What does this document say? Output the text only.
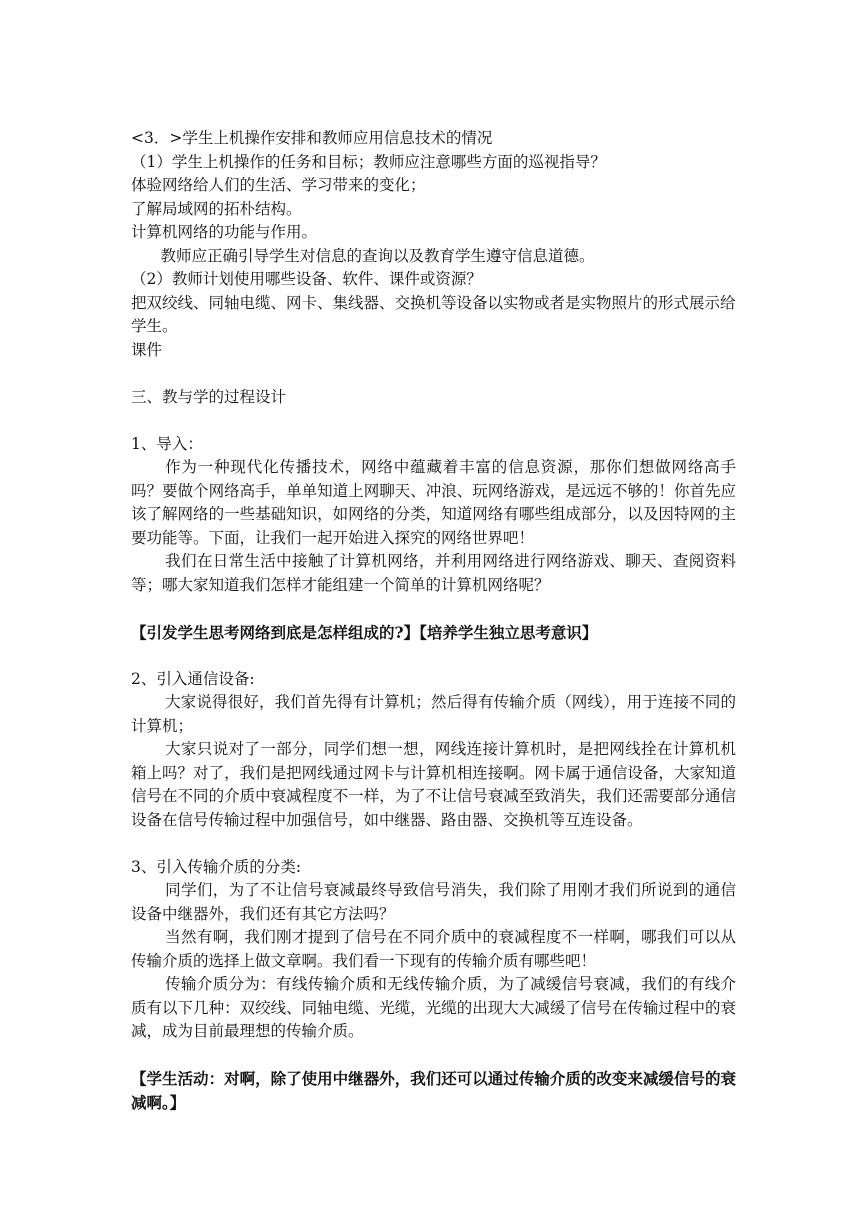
<3．>学生上机操作安排和教师应用信息技术的情况

（1）学生上机操作的任务和目标；教师应注意哪些方面的巡视指导？

体验网络给人们的生活、学习带来的变化；

了解局域网的拓朴结构。

计算机网络的功能与作用。

教师应正确引导学生对信息的查询以及教育学生遵守信息道德。

（2）教师计划使用哪些设备、软件、课件或资源？

把双绞线、同轴电缆、网卡、集线器、交换机等设备以实物或者是实物照片的形式展示给学生。

课件

三、教与学的过程设计

1、导入：

作为一种现代化传播技术，网络中蕴藏着丰富的信息资源，那你们想做网络高手吗？要做个网络高手，单单知道上网聊天、冲浪、玩网络游戏，是远远不够的！你首先应该了解网络的一些基础知识，如网络的分类，知道网络有哪些组成部分，以及因特网的主要功能等。下面，让我们一起开始进入探究的网络世界吧！

我们在日常生活中接触了计算机网络，并利用网络进行网络游戏、聊天、查阅资料等；哪大家知道我们怎样才能组建一个简单的计算机网络呢？

【引发学生思考网络到底是怎样组成的?】【培养学生独立思考意识】

2、引入通信设备:

大家说得很好，我们首先得有计算机；然后得有传输介质（网线），用于连接不同的计算机；

大家只说对了一部分，同学们想一想，网线连接计算机时，是把网线拴在计算机机箱上吗？对了，我们是把网线通过网卡与计算机相连接啊。网卡属于通信设备，大家知道信号在不同的介质中衰减程度不一样，为了不让信号衰减至致消失，我们还需要部分通信设备在信号传输过程中加强信号，如中继器、路由器、交换机等互连设备。

3、引入传输介质的分类:

同学们，为了不让信号衰减最终导致信号消失，我们除了用刚才我们所说到的通信设备中继器外，我们还有其它方法吗？

当然有啊，我们刚才提到了信号在不同介质中的衰减程度不一样啊，哪我们可以从传输介质的选择上做文章啊。我们看一下现有的传输介质有哪些吧！

传输介质分为：有线传输介质和无线传输介质，为了减缓信号衰减，我们的有线介质有以下几种：双绞线、同轴电缆、光缆，光缆的出现大大减缓了信号在传输过程中的衰减，成为目前最理想的传输介质。

【学生活动：对啊，除了使用中继器外，我们还可以通过传输介质的改变来减缓信号的衰减啊。】
